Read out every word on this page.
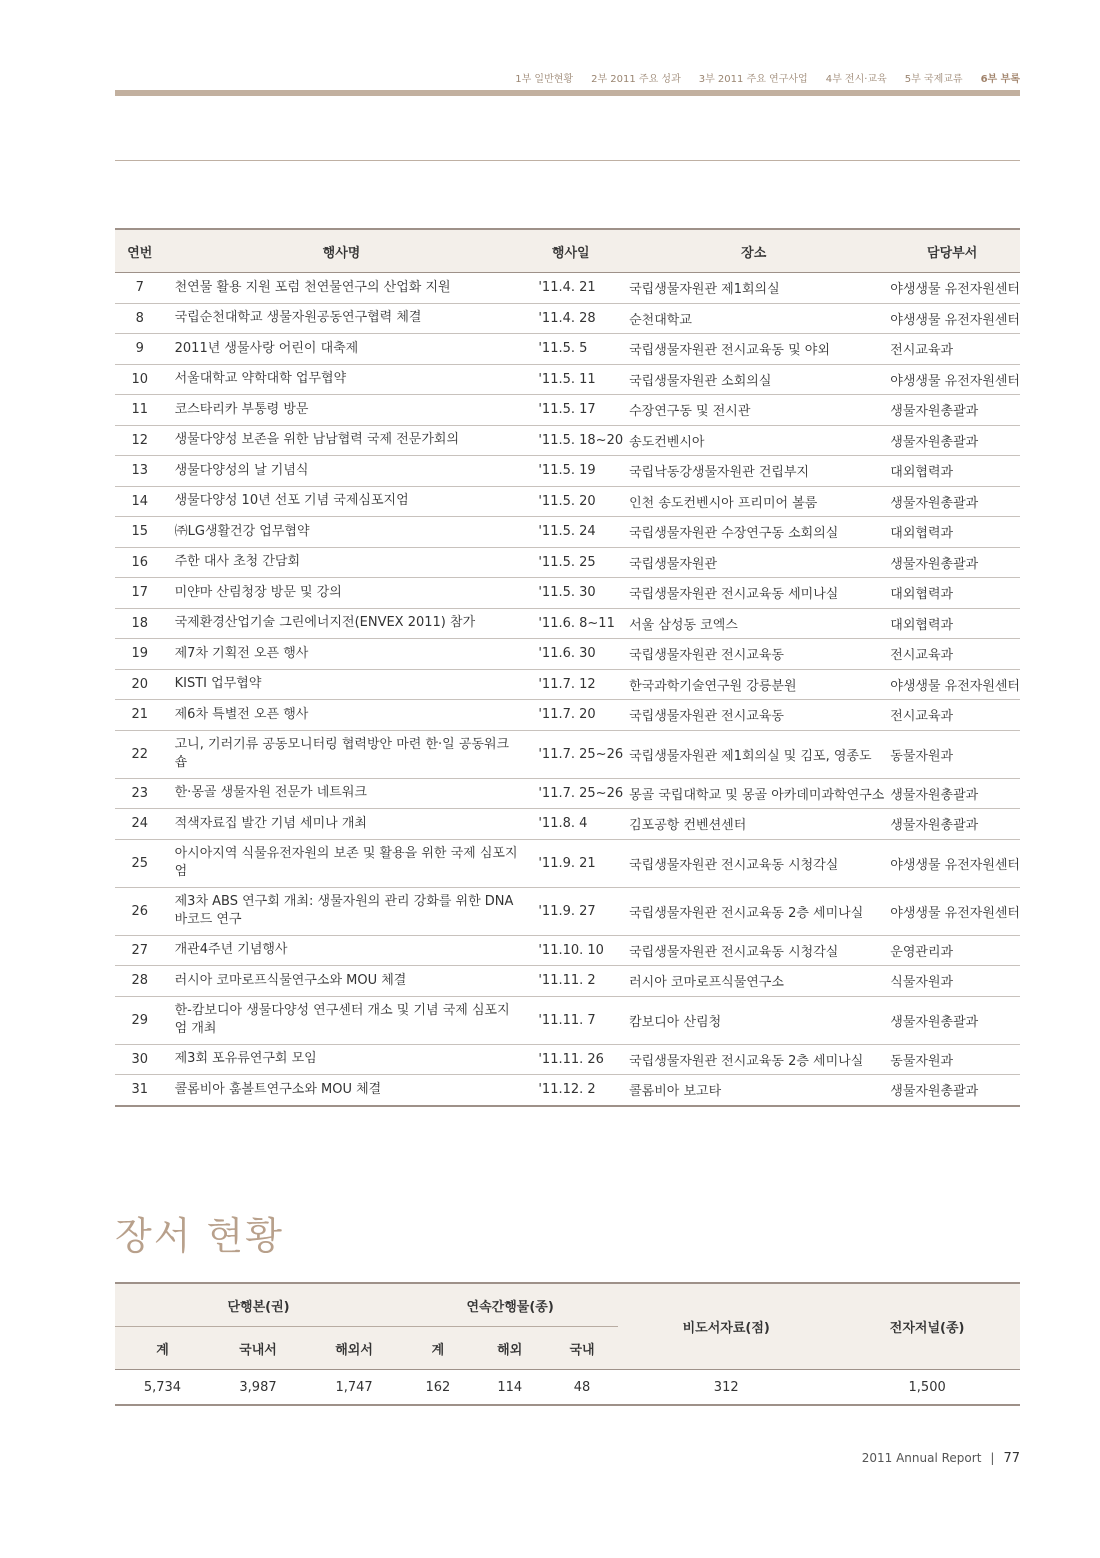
1부 일반현황 2부 2011 주요 성과 3부 2011 주요 연구사업 4부 전시·교육 5부 국제교류 6부 부록
연번	행사명	행사일	장소	담당부서
7	천연물 활용 지원 포럼 천연물연구의 산업화 지원	'11.4. 21	국립생물자원관 제1회의실	야생생물 유전자원센터
8	국립순천대학교 생물자원공동연구협력 체결	'11.4. 28	순천대학교	야생생물 유전자원센터
9	2011년 생물사랑 어린이 대축제	'11.5. 5	국립생물자원관 전시교육동 및 야외	전시교육과
10	서울대학교 약학대학 업무협약	'11.5. 11	국립생물자원관 소회의실	야생생물 유전자원센터
11	코스타리카 부통령 방문	'11.5. 17	수장연구동 및 전시관	생물자원총괄과
12	생물다양성 보존을 위한 남남협력 국제 전문가회의	'11.5. 18~20	송도컨벤시아	생물자원총괄과
13	생물다양성의 날 기념식	'11.5. 19	국립낙동강생물자원관 건립부지	대외협력과
14	생물다양성 10년 선포 기념 국제심포지엄	'11.5. 20	인천 송도컨벤시아 프리미어 볼룸	생물자원총괄과
15	㈜LG생활건강 업무협약	'11.5. 24	국립생물자원관 수장연구동 소회의실	대외협력과
16	주한 대사 초청 간담회	'11.5. 25	국립생물자원관	생물자원총괄과
17	미얀마 산림청장 방문 및 강의	'11.5. 30	국립생물자원관 전시교육동 세미나실	대외협력과
18	국제환경산업기술 그린에너지전(ENVEX 2011) 참가	'11.6. 8~11	서울 삼성동 코엑스	대외협력과
19	제7차 기획전 오픈 행사	'11.6. 30	국립생물자원관 전시교육동	전시교육과
20	KISTI 업무협약	'11.7. 12	한국과학기술연구원 강릉분원	야생생물 유전자원센터
21	제6차 특별전 오픈 행사	'11.7. 20	국립생물자원관 전시교육동	전시교육과
22	고니, 기러기류 공동모니터링 협력방안 마련 한·일 공동워크숍	'11.7. 25~26	국립생물자원관 제1회의실 및 김포, 영종도	동물자원과
23	한·몽골 생물자원 전문가 네트워크	'11.7. 25~26	몽골 국립대학교 및 몽골 아카데미과학연구소	생물자원총괄과
24	적색자료집 발간 기념 세미나 개최	'11.8. 4	김포공항 컨벤션센터	생물자원총괄과
25	아시아지역 식물유전자원의 보존 및 활용을 위한 국제 심포지엄	'11.9. 21	국립생물자원관 전시교육동 시청각실	야생생물 유전자원센터
26	제3차 ABS 연구회 개최: 생물자원의 관리 강화를 위한 DNA 바코드 연구	'11.9. 27	국립생물자원관 전시교육동 2층 세미나실	야생생물 유전자원센터
27	개관4주년 기념행사	'11.10. 10	국립생물자원관 전시교육동 시청각실	운영관리과
28	러시아 코마로프식물연구소와 MOU 체결	'11.11. 2	러시아 코마로프식물연구소	식물자원과
29	한-캄보디아 생물다양성 연구센터 개소 및 기념 국제 심포지엄 개최	'11.11. 7	캄보디아 산림청	생물자원총괄과
30	제3회 포유류연구회 모임	'11.11. 26	국립생물자원관 전시교육동 2층 세미나실	동물자원과
31	콜롬비아 훔볼트연구소와 MOU 체결	'11.12. 2	콜롬비아 보고타	생물자원총괄과
장서 현황
단행본(권)			연속간행물(종)			비도서자료(점)	전자저널(종)
계	국내서	해외서	계	해외	국내		
5,734	3,987	1,747	162	114	48	312	1,500
2011 Annual Report | 77
